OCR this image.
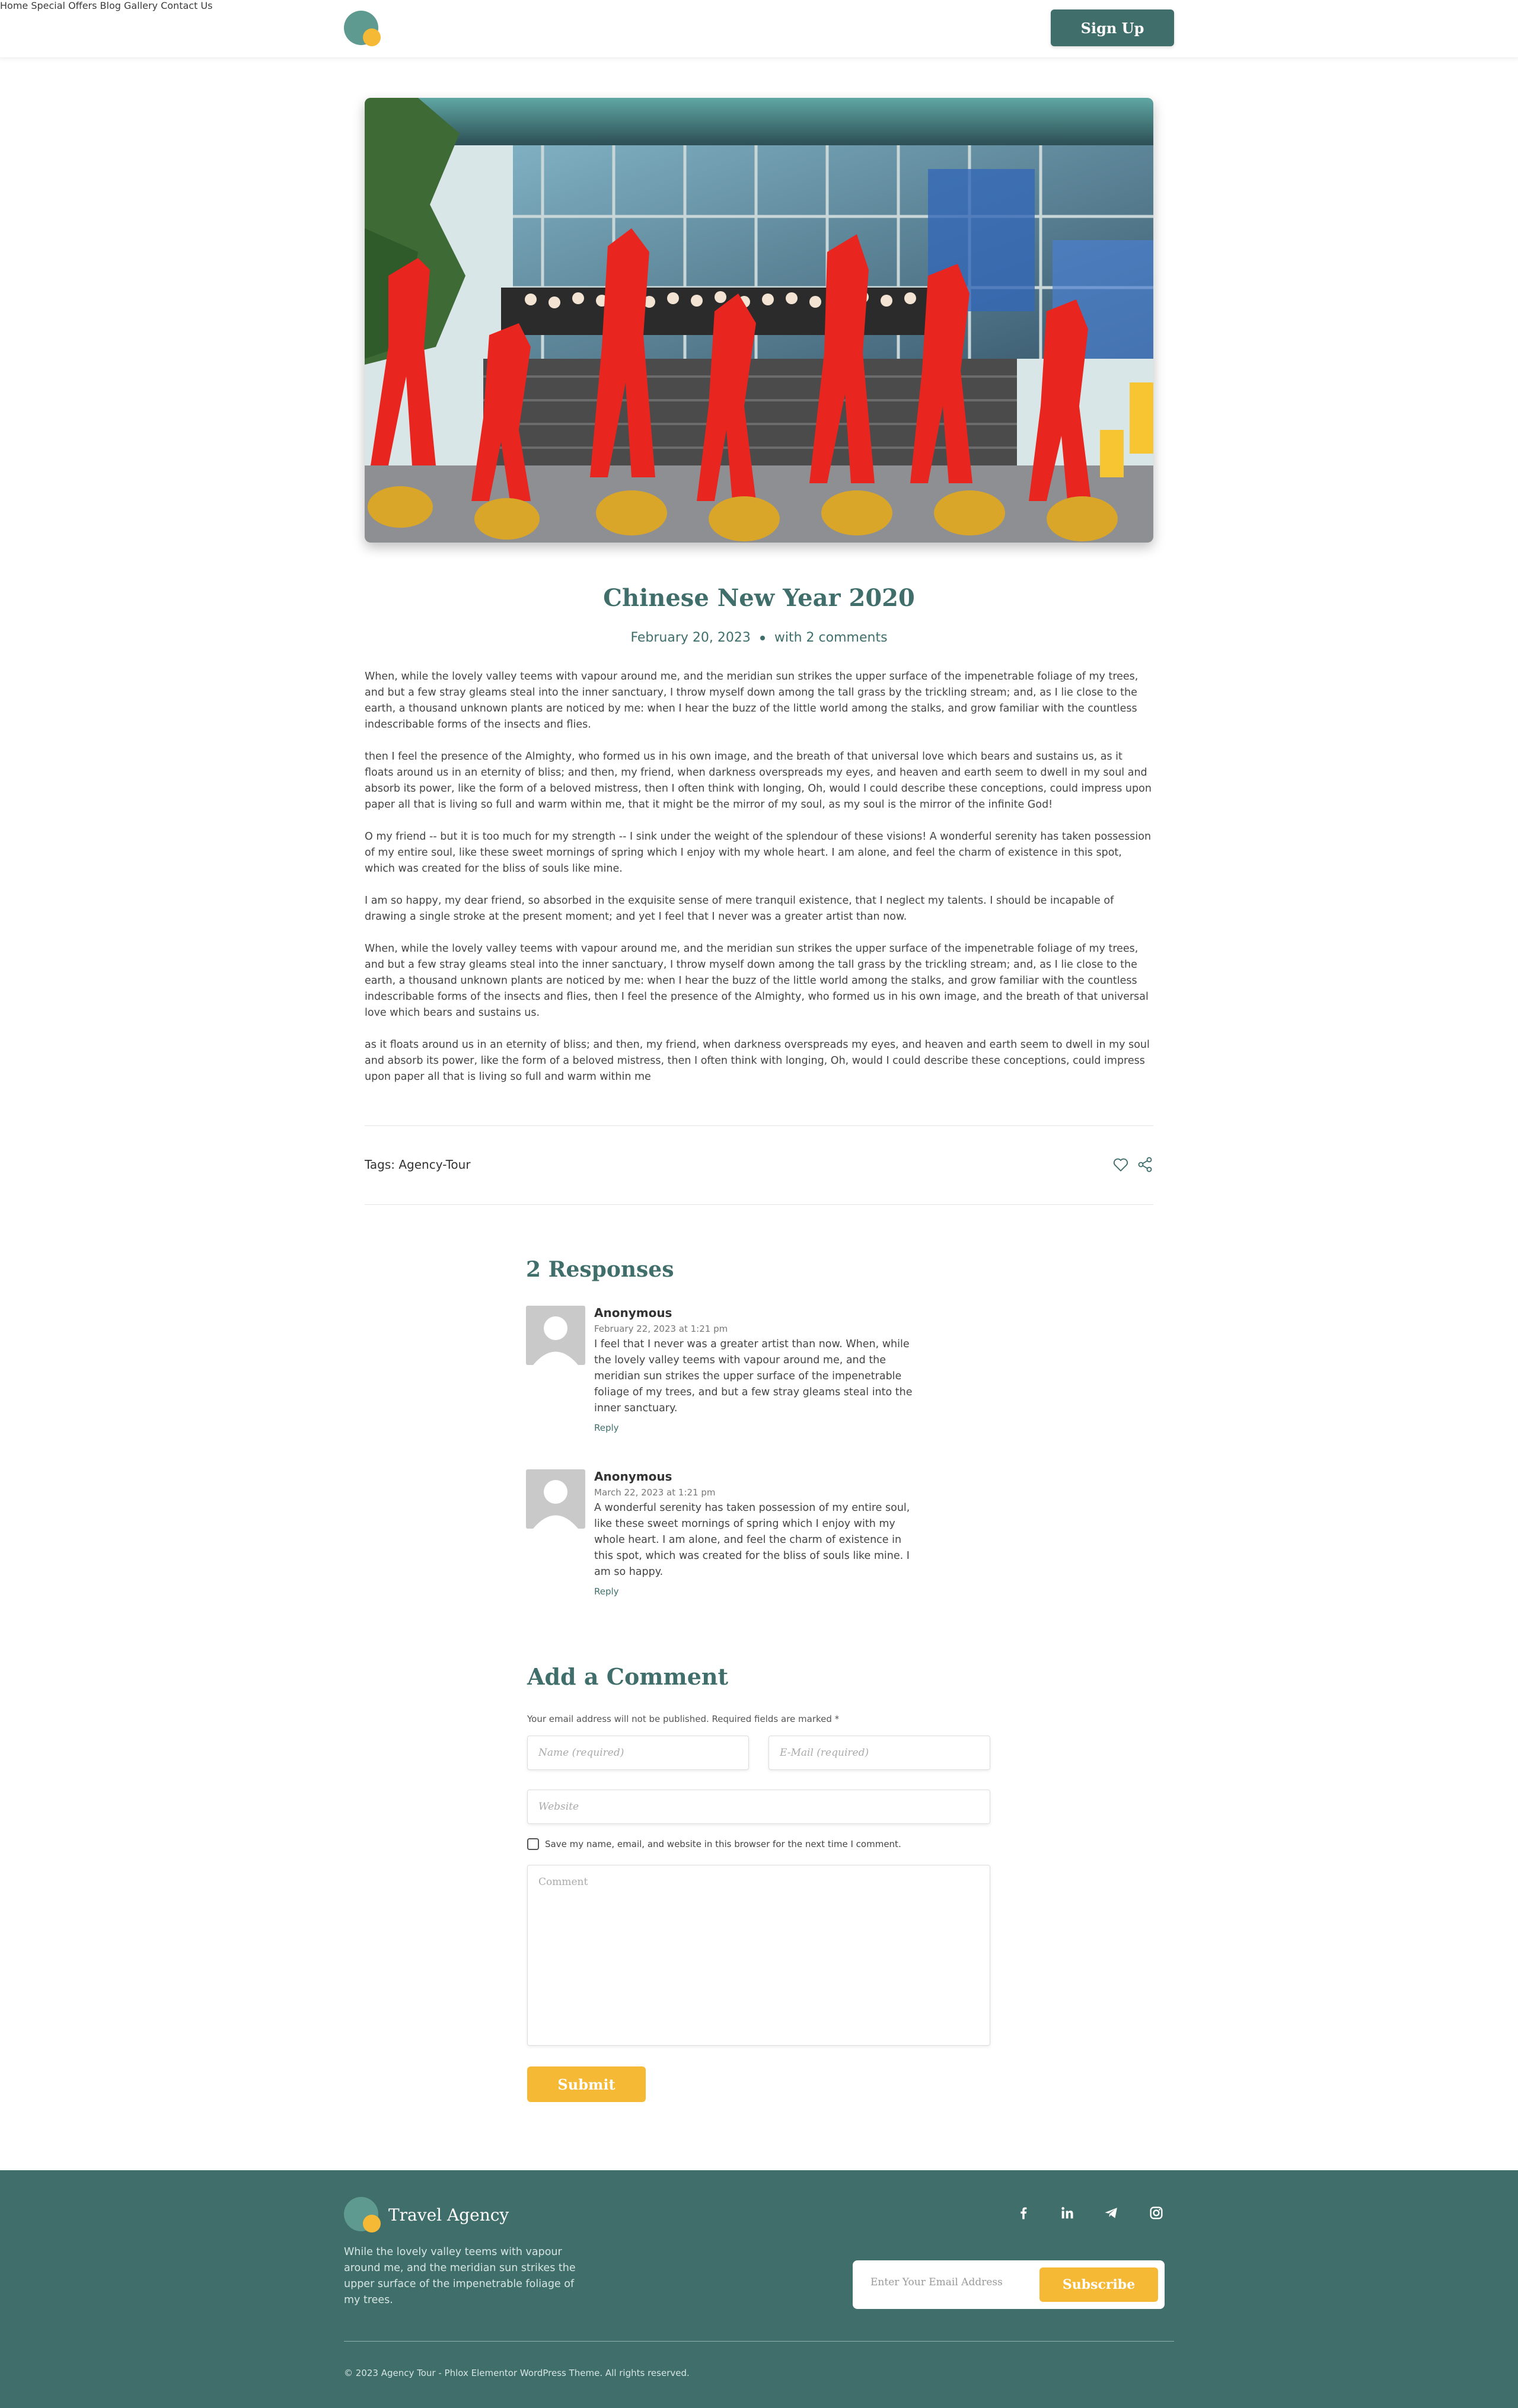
Home Special Offers Blog Gallery Contact Us
Sign Up
Chinese New Year 2020
February 20, 2023 with 2 comments

When, while the lovely valley teems with vapour around me, and the meridian sun strikes the upper surface of the impenetrable foliage of my trees, and but a few stray gleams steal into the inner sanctuary, I throw myself down among the tall grass by the trickling stream; and, as I lie close to the earth, a thousand unknown plants are noticed by me: when I hear the buzz of the little world among the stalks, and grow familiar with the countless indescribable forms of the insects and flies.

then I feel the presence of the Almighty, who formed us in his own image, and the breath of that universal love which bears and sustains us, as it floats around us in an eternity of bliss; and then, my friend, when darkness overspreads my eyes, and heaven and earth seem to dwell in my soul and absorb its power, like the form of a beloved mistress, then I often think with longing, Oh, would I could describe these conceptions, could impress upon paper all that is living so full and warm within me, that it might be the mirror of my soul, as my soul is the mirror of the infinite God!

O my friend -- but it is too much for my strength -- I sink under the weight of the splendour of these visions! A wonderful serenity has taken possession of my entire soul, like these sweet mornings of spring which I enjoy with my whole heart. I am alone, and feel the charm of existence in this spot, which was created for the bliss of souls like mine.

I am so happy, my dear friend, so absorbed in the exquisite sense of mere tranquil existence, that I neglect my talents. I should be incapable of drawing a single stroke at the present moment; and yet I feel that I never was a greater artist than now.

When, while the lovely valley teems with vapour around me, and the meridian sun strikes the upper surface of the impenetrable foliage of my trees, and but a few stray gleams steal into the inner sanctuary, I throw myself down among the tall grass by the trickling stream; and, as I lie close to the earth, a thousand unknown plants are noticed by me: when I hear the buzz of the little world among the stalks, and grow familiar with the countless indescribable forms of the insects and flies, then I feel the presence of the Almighty, who formed us in his own image, and the breath of that universal love which bears and sustains us.

as it floats around us in an eternity of bliss; and then, my friend, when darkness overspreads my eyes, and heaven and earth seem to dwell in my soul and absorb its power, like the form of a beloved mistress, then I often think with longing, Oh, would I could describe these conceptions, could impress upon paper all that is living so full and warm within me

Tags: Agency-Tour
2 Responses
Anonymous
February 22, 2023 at 1:21 pm
I feel that I never was a greater artist than now. When, while the lovely valley teems with vapour around me, and the meridian sun strikes the upper surface of the impenetrable foliage of my trees, and but a few stray gleams steal into the inner sanctuary.
Reply
Anonymous
March 22, 2023 at 1:21 pm
A wonderful serenity has taken possession of my entire soul, like these sweet mornings of spring which I enjoy with my whole heart. I am alone, and feel the charm of existence in this spot, which was created for the bliss of souls like mine. I am so happy.
Reply
Add a Comment
Your email address will not be published. Required fields are marked *
Name (required)	E-Mail (required)
Website
Save my name, email, and website in this browser for the next time I comment.
Comment
Submit
Travel Agency
While the lovely valley teems with vapour around me, and the meridian sun strikes the upper surface of the impenetrable foliage of my trees.
Enter Your Email Address	Subscribe
© 2023 Agency Tour - Phlox Elementor WordPress Theme. All rights reserved.
